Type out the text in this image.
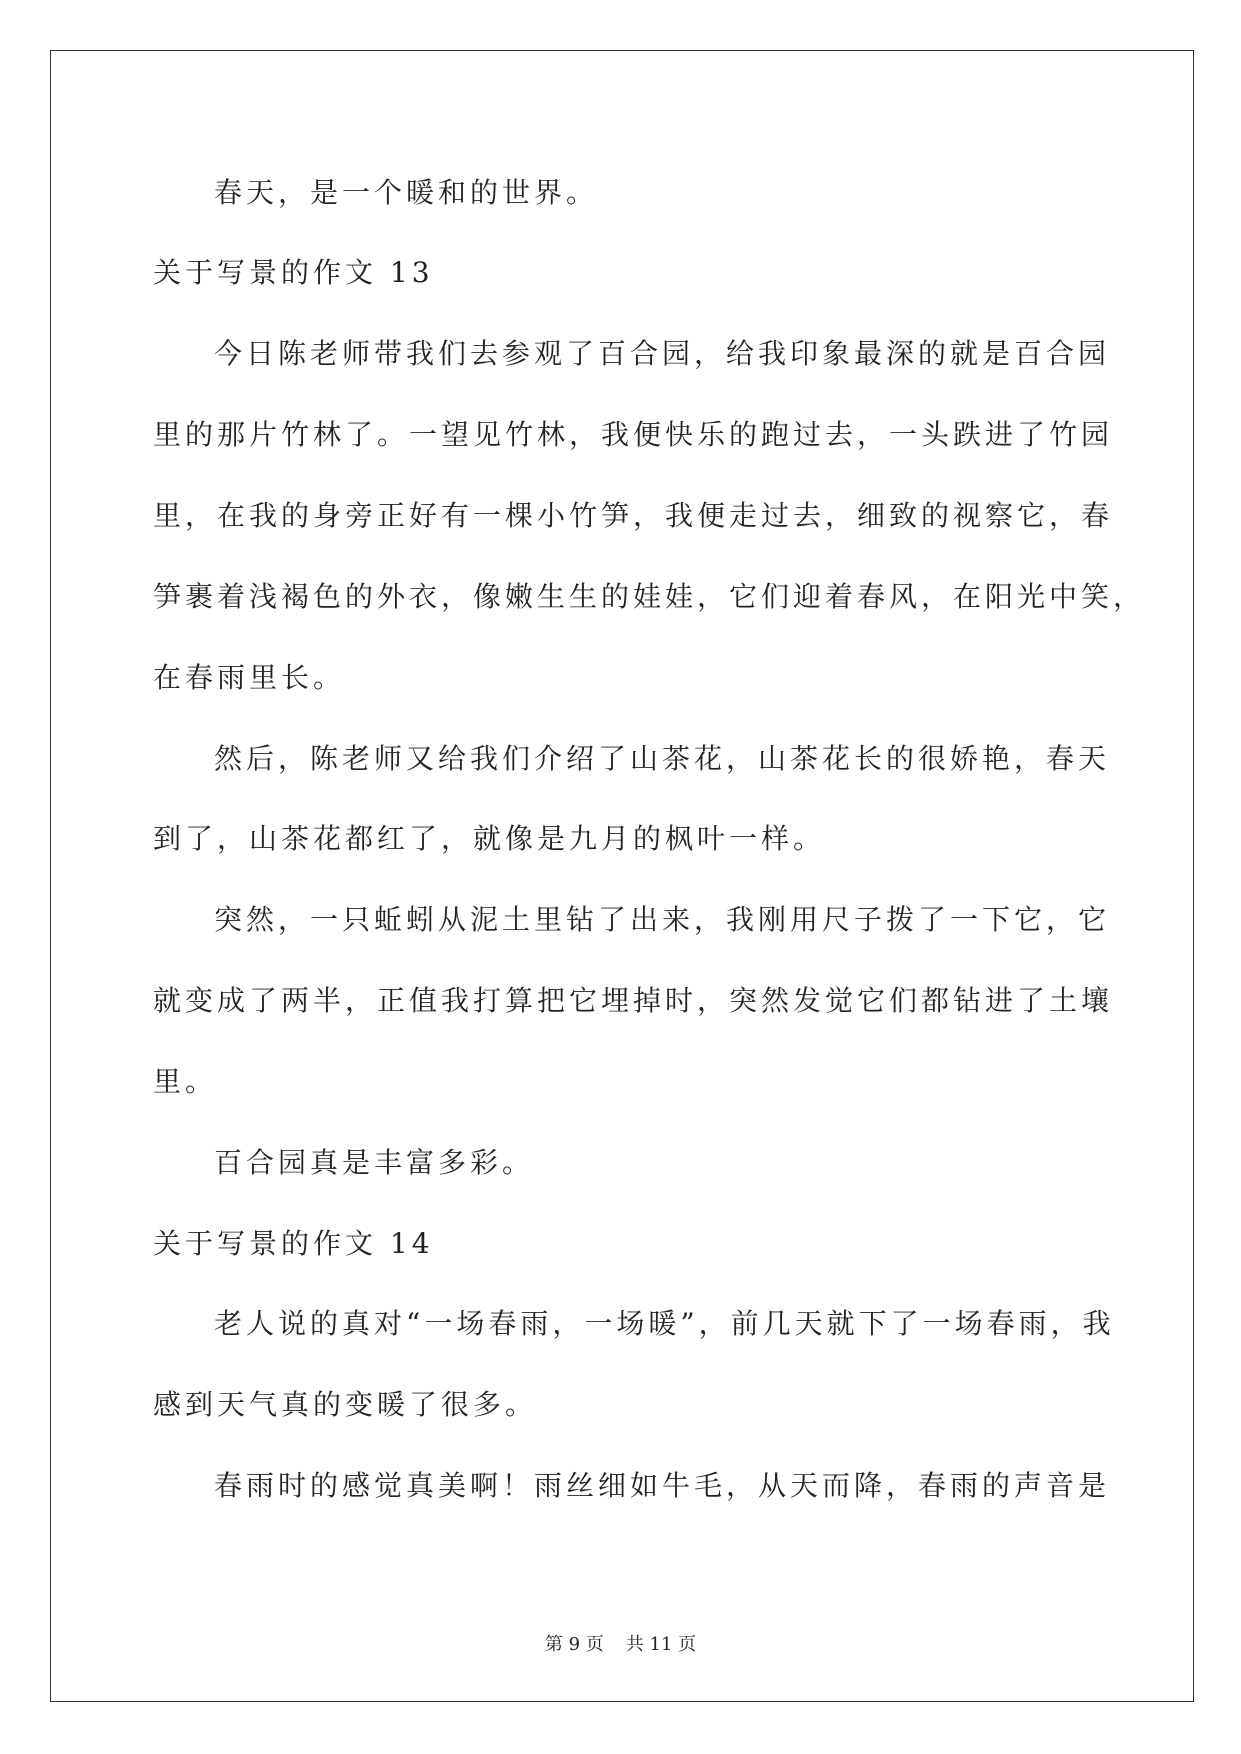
春天，是一个暖和的世界。
关于写景的作文 13
今日陈老师带我们去参观了百合园，给我印象最深的就是百合园
里的那片竹林了。一望见竹林，我便快乐的跑过去，一头跌进了竹园
里，在我的身旁正好有一棵小竹笋，我便走过去，细致的视察它，春
笋裹着浅褐色的外衣，像嫩生生的娃娃，它们迎着春风，在阳光中笑，
在春雨里长。
然后，陈老师又给我们介绍了山茶花，山茶花长的很娇艳，春天
到了，山茶花都红了，就像是九月的枫叶一样。
突然，一只蚯蚓从泥土里钻了出来，我刚用尺子拨了一下它，它
就变成了两半，正值我打算把它埋掉时，突然发觉它们都钻进了土壤
里。
百合园真是丰富多彩。
关于写景的作文 14
老人说的真对“一场春雨，一场暖”，前几天就下了一场春雨，我
感到天气真的变暖了很多。
春雨时的感觉真美啊！雨丝细如牛毛，从天而降，春雨的声音是
第 9 页 共 11 页
